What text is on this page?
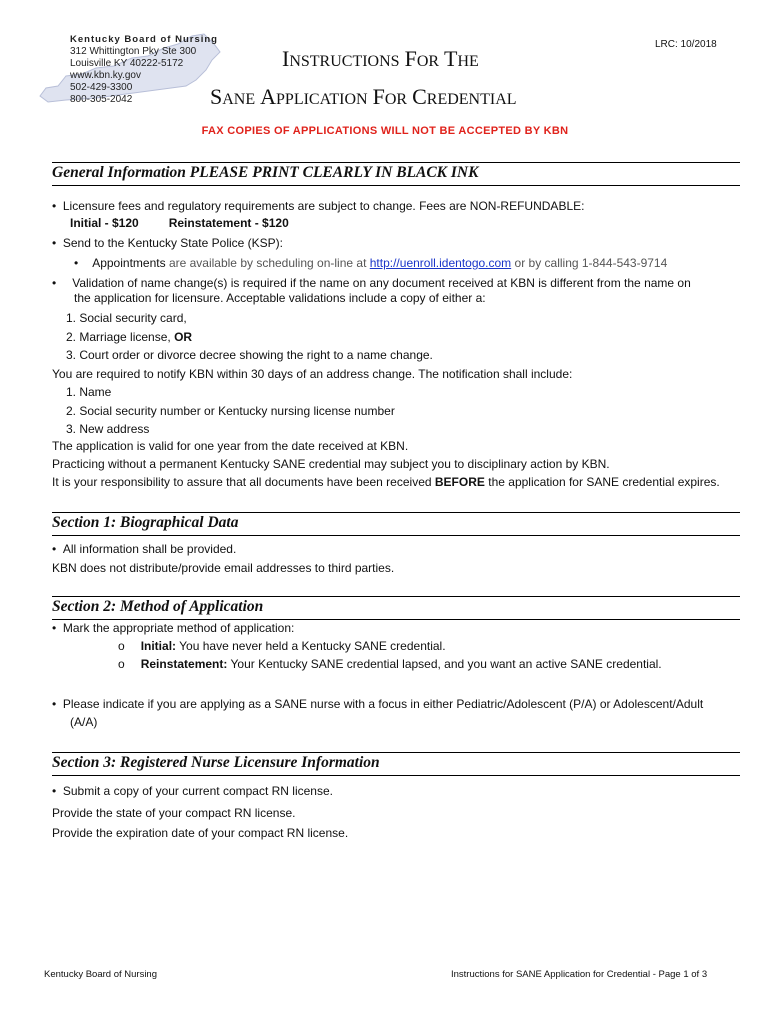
Kentucky Board of Nursing
312 Whittington Pky Ste 300
Louisville KY 40222-5172
www.kbn.ky.gov
502-429-3300
800-305-2042
INSTRUCTIONS FOR THE
SANE APPLICATION FOR CREDENTIAL
LRC: 10/2018
FAX COPIES OF APPLICATIONS WILL NOT BE ACCEPTED BY KBN
General Information PLEASE PRINT CLEARLY IN BLACK INK
•  Licensure fees and regulatory requirements are subject to change. Fees are NON-REFUNDABLE:
Initial - $120	Reinstatement - $120
•  Send to the Kentucky State Police (KSP):
• Appointments are available by scheduling on-line at http://uenroll.identogo.com or by calling 1-844-543-9714
• Validation of name change(s) is required if the name on any document received at KBN is different from the name on
the application for licensure. Acceptable validations include a copy of either a:
1. Social security card,
2. Marriage license, OR
3. Court order or divorce decree showing the right to a name change.
You are required to notify KBN within 30 days of an address change. The notification shall include:
1. Name
2. Social security number or Kentucky nursing license number
3. New address
The application is valid for one year from the date received at KBN.
Practicing without a permanent Kentucky SANE credential may subject you to disciplinary action by KBN.
It is your responsibility to assure that all documents have been received BEFORE the application for SANE credential expires.
Section 1: Biographical Data
•  All information shall be provided.
KBN does not distribute/provide email addresses to third parties.
Section 2: Method of Application
•  Mark the appropriate method of application:
o Initial: You have never held a Kentucky SANE credential.
o Reinstatement: Your Kentucky SANE credential lapsed, and you want an active SANE credential.
•  Please indicate if you are applying as a SANE nurse with a focus in either Pediatric/Adolescent (P/A) or Adolescent/Adult
(A/A)
Section 3: Registered Nurse Licensure Information
•  Submit a copy of your current compact RN license.
Provide the state of your compact RN license.
Provide the expiration date of your compact RN license.
Kentucky Board of Nursing	Instructions for SANE Application for Credential - Page 1 of 3
